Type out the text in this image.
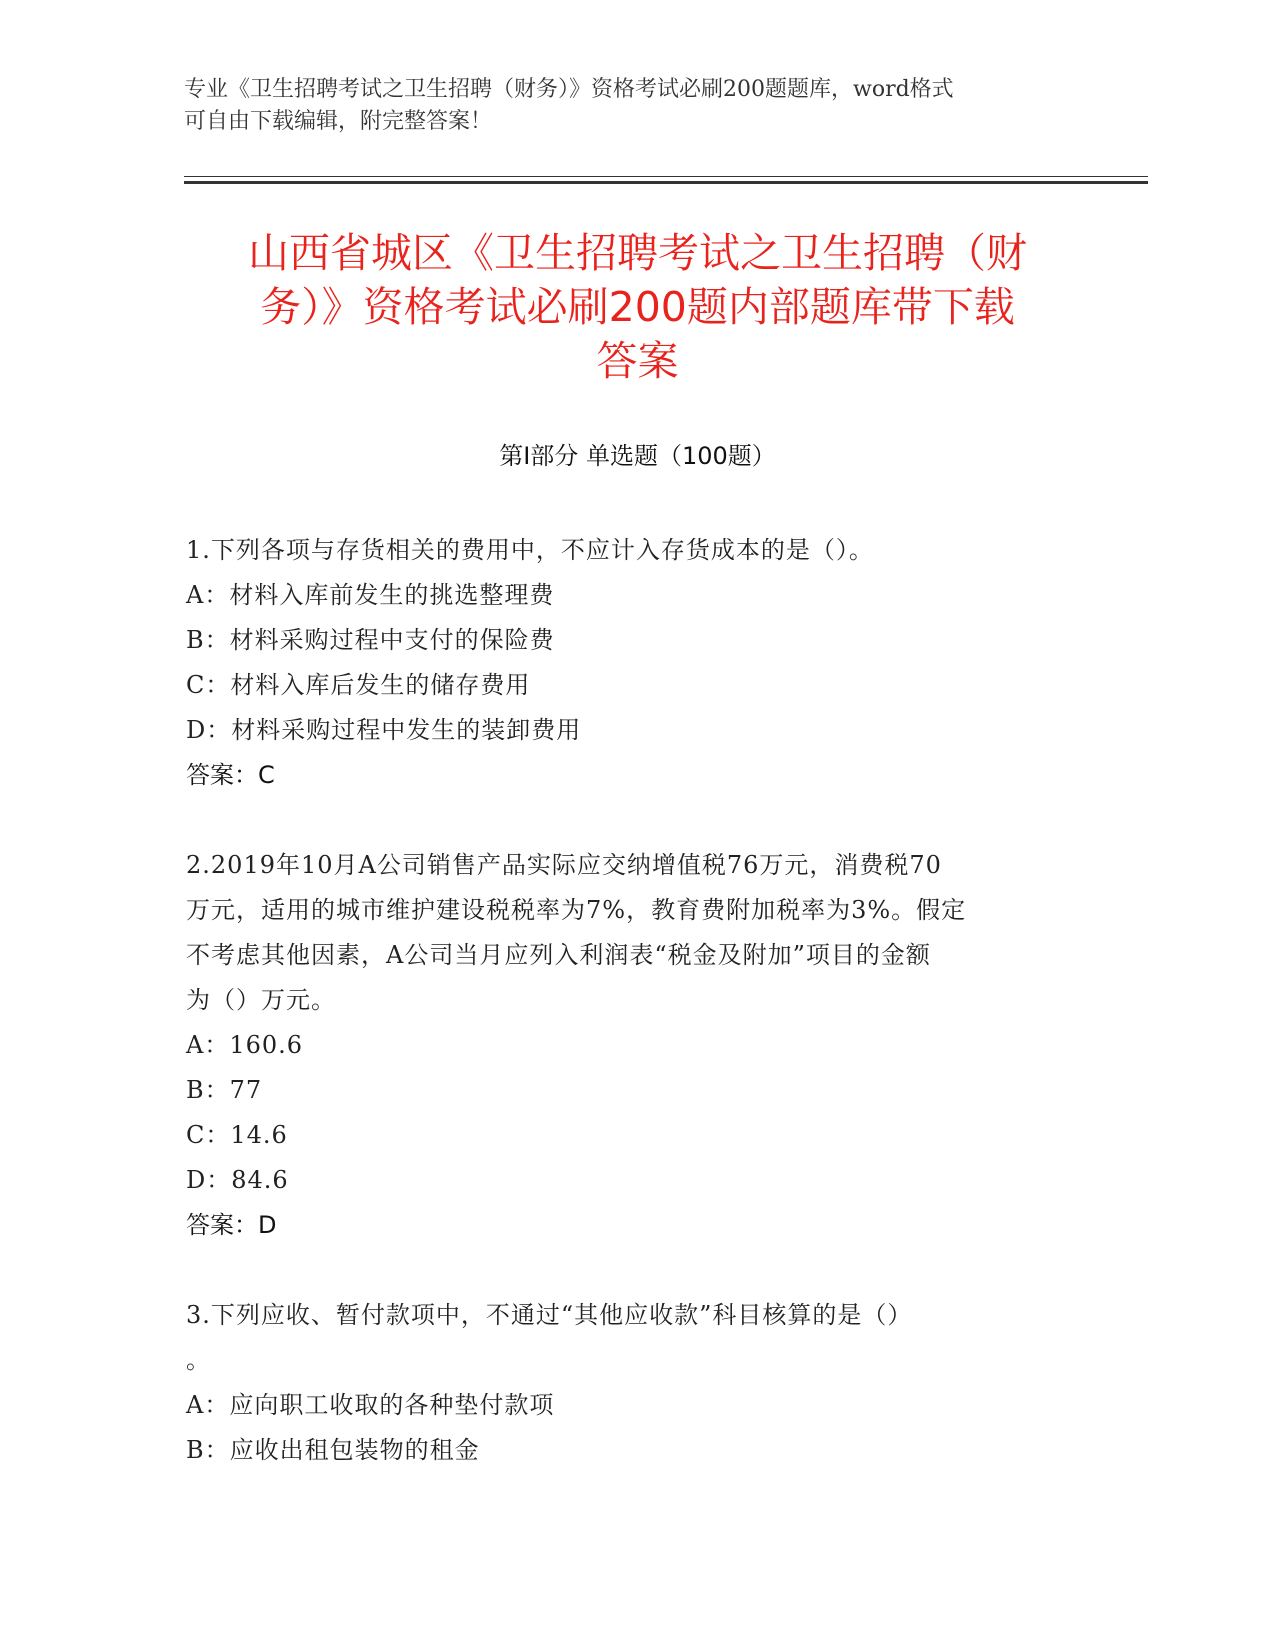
专业《卫生招聘考试之卫生招聘（财务）》资格考试必刷200题题库，word格式

可自由下载编辑，附完整答案！

山西省城区《卫生招聘考试之卫生招聘（财
务）》资格考试必刷200题内部题库带下载
答案
第Ⅰ部分 单选题（100题）

1.下列各项与存货相关的费用中，不应计入存货成本的是（）。

A：材料入库前发生的挑选整理费

B：材料采购过程中支付的保险费

C：材料入库后发生的储存费用

D：材料采购过程中发生的装卸费用

答案：C

2.2019年10月A公司销售产品实际应交纳增值税76万元，消费税70

万元，适用的城市维护建设税税率为7%，教育费附加税率为3%。假定

不考虑其他因素，A公司当月应列入利润表“税金及附加”项目的金额

为（）万元。

A：160.6

B：77

C：14.6

D：84.6

答案：D

3.下列应收、暂付款项中，不通过“其他应收款”科目核算的是（）

。

A：应向职工收取的各种垫付款项

B：应收出租包装物的租金
